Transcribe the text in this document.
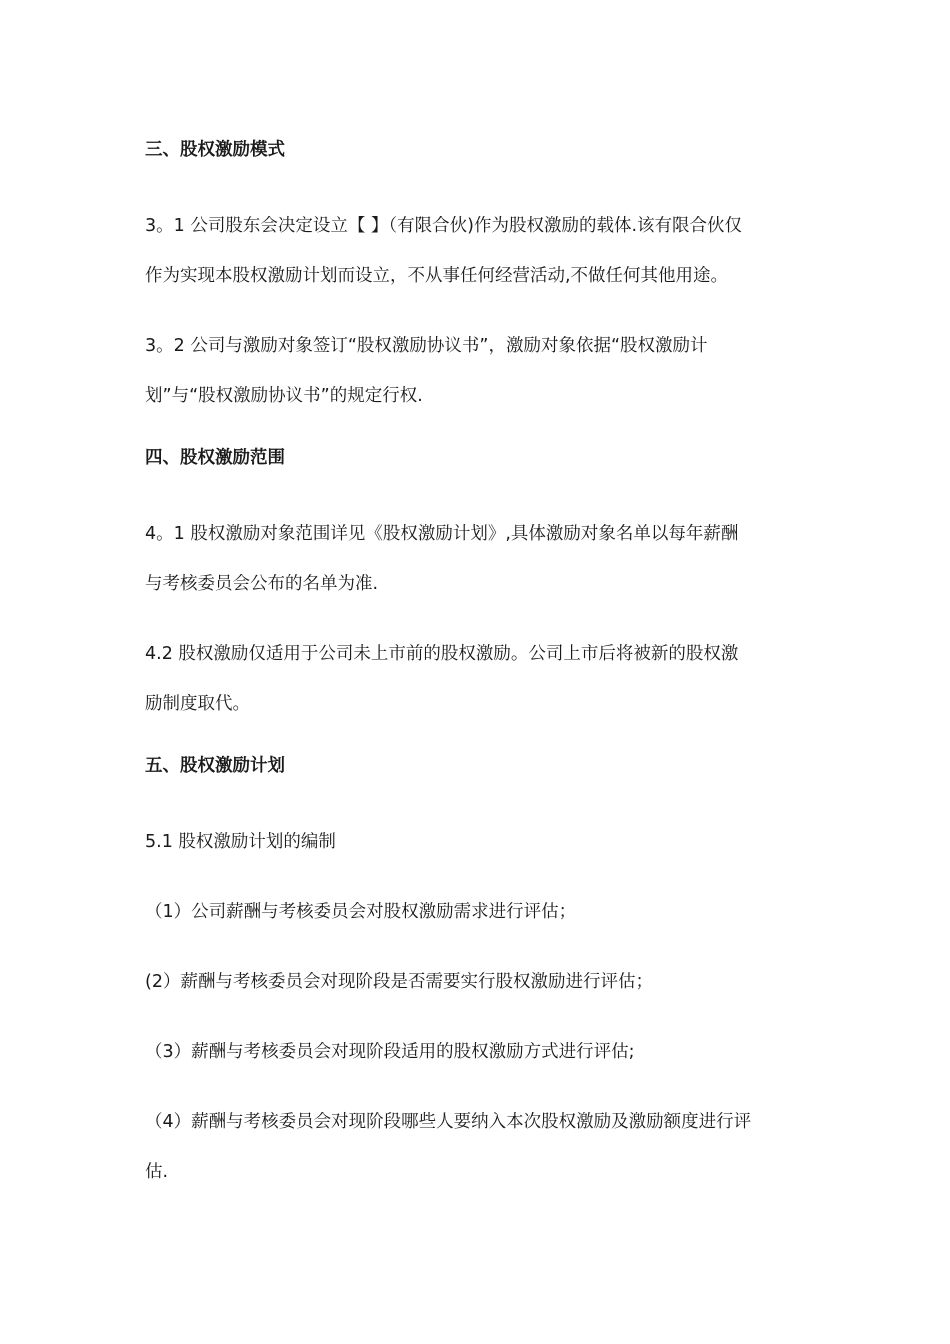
三、股权激励模式
3。1 公司股东会决定设立【 】（有限合伙)作为股权激励的载体.该有限合伙仅
作为实现本股权激励计划而设立，不从事任何经营活动,不做任何其他用途。
3。2 公司与激励对象签订“股权激励协议书”，激励对象依据“股权激励计
划”与“股权激励协议书”的规定行权.
四、股权激励范围
4。1 股权激励对象范围详见《股权激励计划》,具体激励对象名单以每年薪酬
与考核委员会公布的名单为准.
4.2 股权激励仅适用于公司未上市前的股权激励。公司上市后将被新的股权激
励制度取代。
五、股权激励计划
5.1 股权激励计划的编制
（1）公司薪酬与考核委员会对股权激励需求进行评估；
(2）薪酬与考核委员会对现阶段是否需要实行股权激励进行评估；
（3）薪酬与考核委员会对现阶段适用的股权激励方式进行评估;
（4）薪酬与考核委员会对现阶段哪些人要纳入本次股权激励及激励额度进行评
估.
